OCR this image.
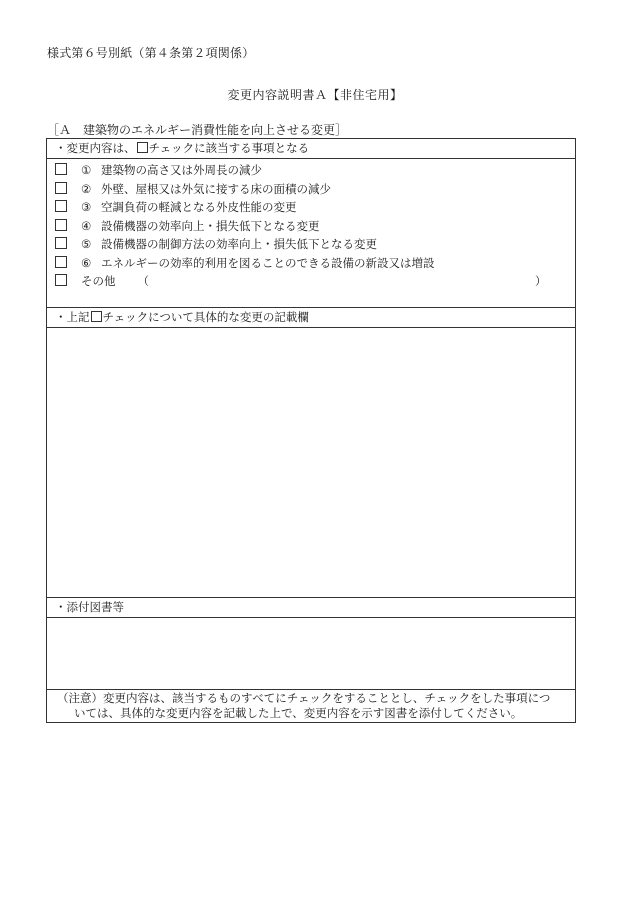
様式第６号別紙（第４条第２項関係）
変更内容説明書Ａ【非住宅用】
［Ａ　建築物のエネルギー消費性能を向上させる変更］
・変更内容は、 チェックに該当する事項となる
① 建築物の高さ又は外周長の減少
② 外壁、屋根又は外気に接する床の面積の減少
③ 空調負荷の軽減となる外皮性能の変更
④ 設備機器の効率向上・損失低下となる変更
⑤ 設備機器の制御方法の効率向上・損失低下となる変更
⑥ エネルギーの効率的利用を図ることのできる設備の新設又は増設
その他 （	）
・上記 チェックについて具体的な変更の記載欄
・添付図書等
（注意）変更内容は、該当するものすべてにチェックをすることとし、チェックをした事項につ
いては、具体的な変更内容を記載した上で、変更内容を示す図書を添付してください。
